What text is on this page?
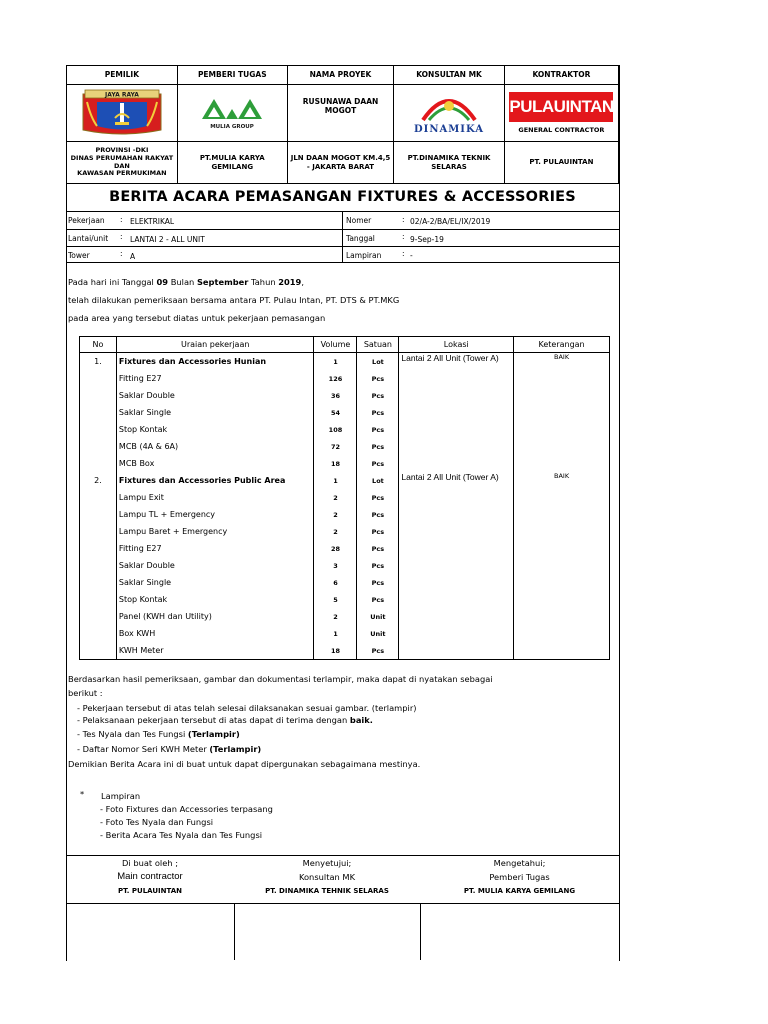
PEMILIK	PEMBERI TUGAS	NAMA PROYEK	KONSULTAN MK	KONTRAKTOR

JAYA RAYA	MULIA GROUP	RUSUNAWA DAAN MOGOT	DINAMIKA	PULAUINTAN
GENERAL CONTRACTOR

PROVINSI -DKI
DINAS PERUMAHAN RAKYAT DAN
KAWASAN PERMUKIMAN	PT.MULIA KARYA GEMILANG	JLN DAAN MOGOT KM.4,5 - JAKARTA BARAT	PT.DINAMIKA TEKNIK SELARAS	PT. PULAUINTAN
BERITA ACARA PEMASANGAN FIXTURES & ACCESSORIES
Pekerjaan : ELEKTRIKAL
Lantai/unit : LANTAI 2 - ALL UNIT
Tower	: A
Nomer	: 02/A-2/BA/EL/IX/2019
Tanggal	: 9-Sep-19
Lampiran	: -
Pada hari ini Tanggal 09 Bulan September Tahun 2019,
telah dilakukan pemeriksaan bersama antara PT. Pulau Intan, PT. DTS & PT.MKG
pada area yang tersebut diatas untuk pekerjaan pemasangan
No	Uraian pekerjaan	Volume	Satuan	Lokasi	Keterangan
1.	Fixtures dan Accessories Hunian	1	Lot	Lantai 2 All Unit (Tower A)	BAIK
	Fitting E27	126	Pcs		
	Saklar Double	36	Pcs		
	Saklar Single	54	Pcs		
	Stop Kontak	108	Pcs		
	MCB (4A & 6A)	72	Pcs		
	MCB Box	18	Pcs		
2.	Fixtures dan Accessories Public Area	1	Lot	Lantai 2 All Unit (Tower A)	BAIK
	Lampu Exit	2	Pcs		
	Lampu TL + Emergency	2	Pcs		
	Lampu Baret + Emergency	2	Pcs		
	Fitting E27	28	Pcs		
	Saklar Double	3	Pcs		
	Saklar Single	6	Pcs		
	Stop Kontak	5	Pcs		
	Panel (KWH dan Utility)	2	Unit		
	Box KWH	1	Unit		
	KWH Meter	18	Pcs		
Berdasarkan hasil pemeriksaan, gambar dan dokumentasi terlampir, maka dapat di nyatakan sebagai
berikut :
- Pekerjaan tersebut di atas telah selesai dilaksanakan sesuai gambar. (terlampir)
- Pelaksanaan pekerjaan tersebut di atas dapat di terima dengan baik.
- Tes Nyala dan Tes Fungsi (Terlampir)
- Daftar Nomor Seri KWH Meter (Terlampir)
Demikian Berita Acara ini di buat untuk dapat dipergunakan sebagaimana mestinya.
* Lampiran
- Foto Fixtures dan Accessories terpasang
- Foto Tes Nyala dan Fungsi
- Berita Acara Tes Nyala dan Tes Fungsi
Di buat oleh ;
Main contractor
PT. PULAUINTAN
Menyetujui;
Konsultan MK
PT. DINAMIKA TEHNIK SELARAS
Mengetahui;
Pemberi Tugas
PT. MULIA KARYA GEMILANG
